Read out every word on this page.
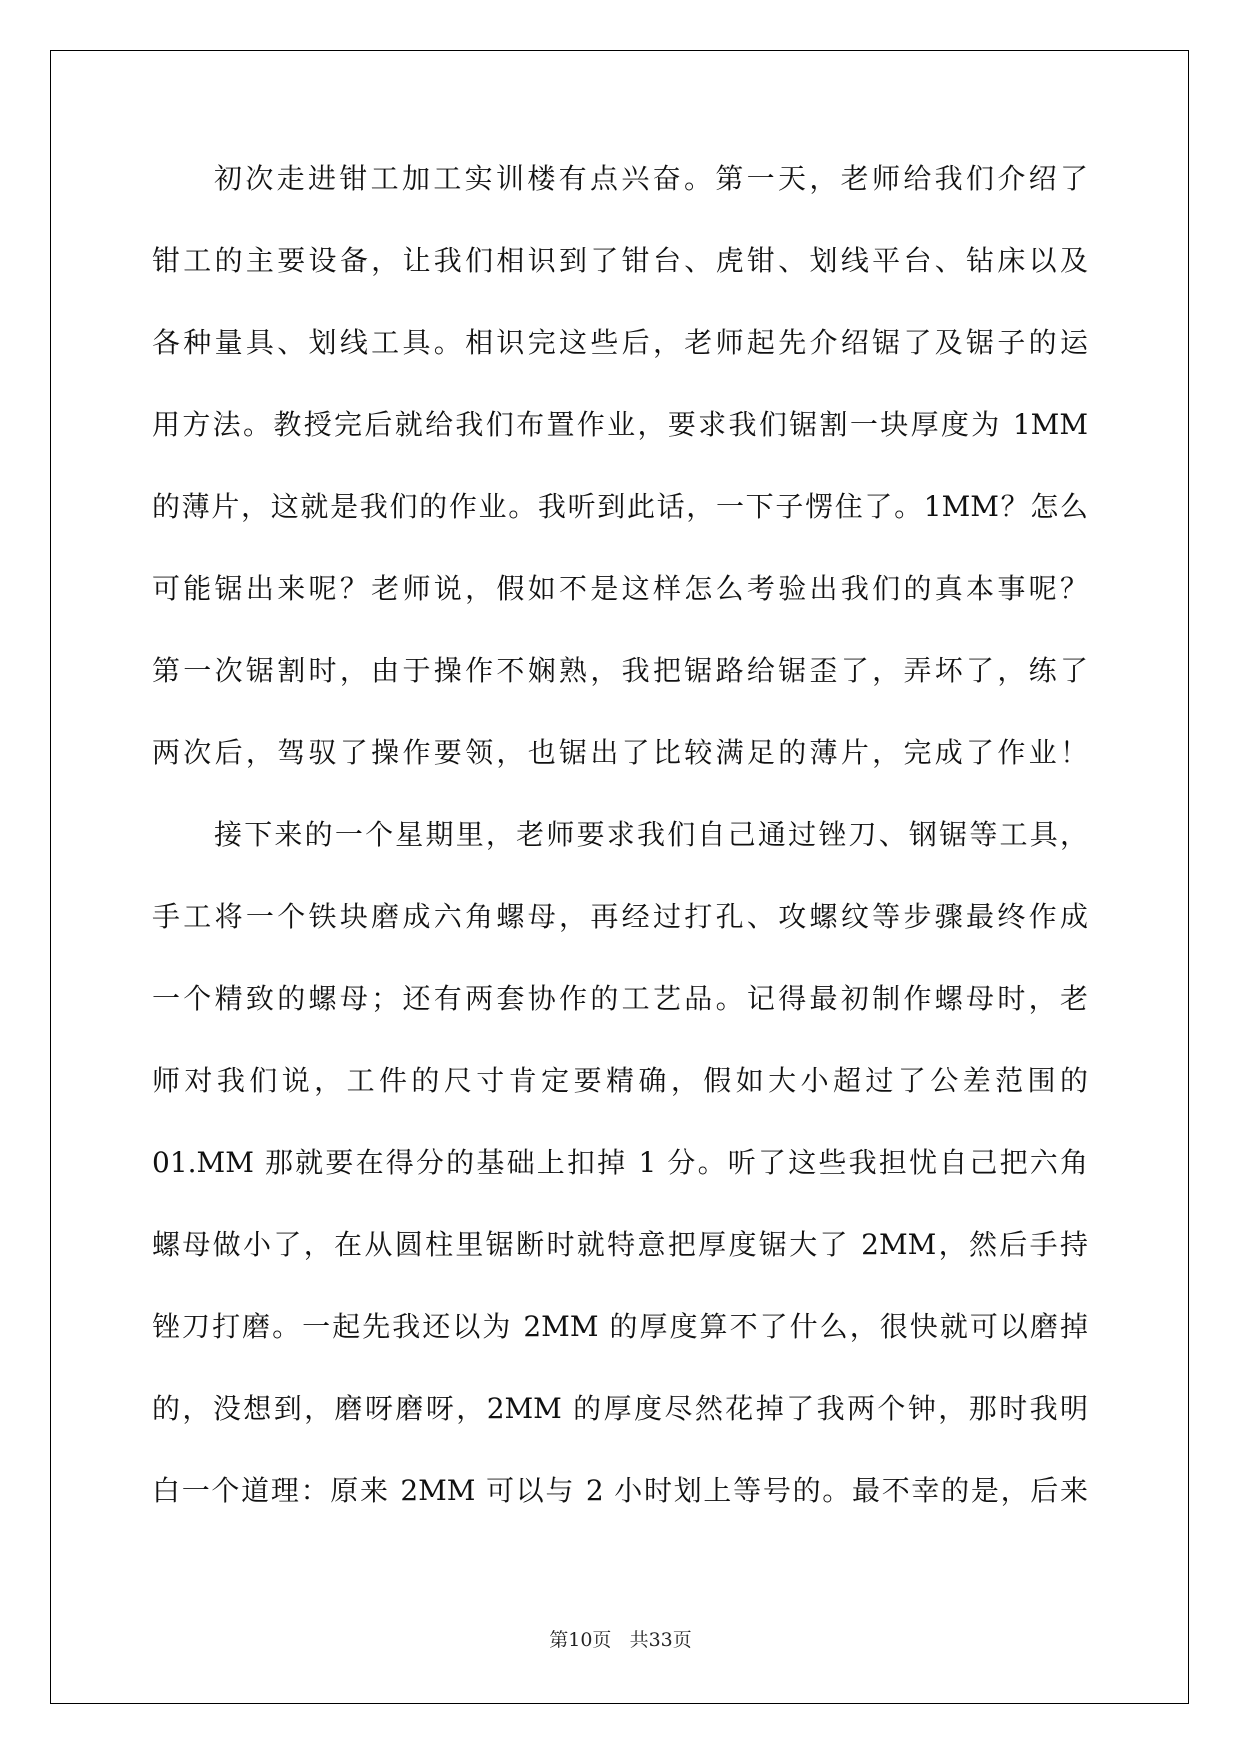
初次走进钳工加工实训楼有点兴奋。第一天，老师给我们介绍了
钳工的主要设备，让我们相识到了钳台、虎钳、划线平台、钻床以及
各种量具、划线工具。相识完这些后，老师起先介绍锯了及锯子的运
用方法。教授完后就给我们布置作业，要求我们锯割一块厚度为 1MM
的薄片，这就是我们的作业。我听到此话，一下子愣住了。1MM？怎么
可能锯出来呢？老师说，假如不是这样怎么考验出我们的真本事呢？
第一次锯割时，由于操作不娴熟，我把锯路给锯歪了，弄坏了，练了
两次后，驾驭了操作要领，也锯出了比较满足的薄片，完成了作业！
接下来的一个星期里，老师要求我们自己通过锉刀、钢锯等工具，
手工将一个铁块磨成六角螺母，再经过打孔、攻螺纹等步骤最终作成
一个精致的螺母；还有两套协作的工艺品。记得最初制作螺母时，老
师对我们说，工件的尺寸肯定要精确，假如大小超过了公差范围的
01.MM 那就要在得分的基础上扣掉 1 分。听了这些我担忧自己把六角
螺母做小了，在从圆柱里锯断时就特意把厚度锯大了 2MM，然后手持
锉刀打磨。一起先我还以为 2MM 的厚度算不了什么，很快就可以磨掉
的，没想到，磨呀磨呀，2MM 的厚度尽然花掉了我两个钟，那时我明
白一个道理：原来 2MM 可以与 2 小时划上等号的。最不幸的是，后来
第10页 共33页
